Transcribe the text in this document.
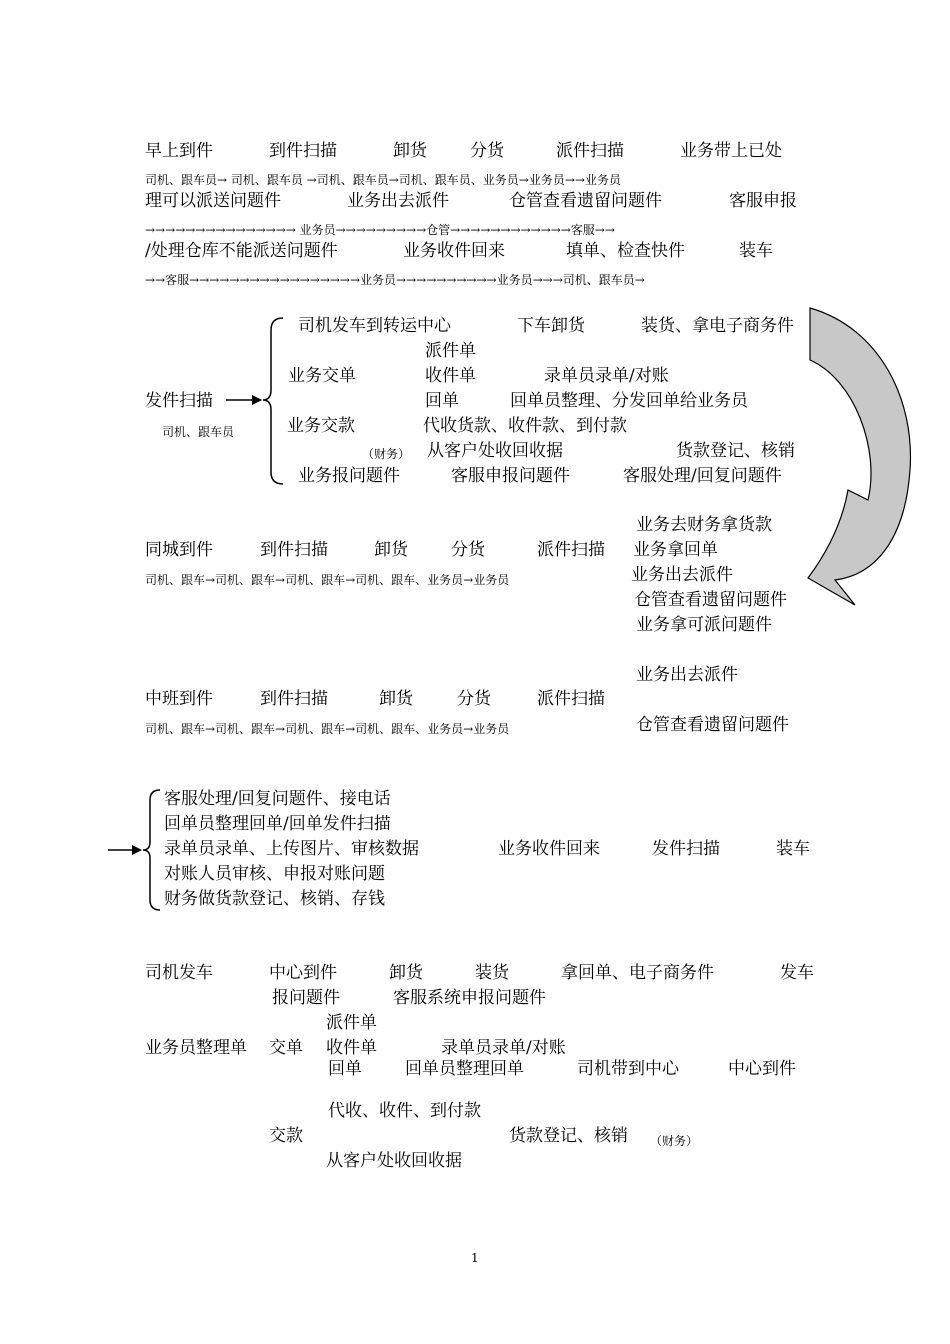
早上到件	到件扫描	卸货	分货	派件扫描	业务带上已处
司机、跟车员→ 司机、跟车员 →司机、跟车员→司机、跟车员、业务员→业务员→→业务员
理可以派送问题件	业务出去派件	仓管查看遗留问题件	客服申报
→→→→→→→→→→→→→→→ 业务员→→→→→→→→→仓管→→→→→→→→→→→→客服→→
/处理仓库不能派送问题件	业务收件回来	填单、检查快件	装车
→→客服→→→→→→→→→→→→→→→→→业务员→→→→→→→→→→业务员→→→司机、跟车员→
发件扫描
司机、跟车员
司机发车到转运中心	下车卸货	装货、拿电子商务件
派件单
业务交单	收件单	录单员录单/对账
回单	回单员整理、分发回单给业务员
业务交款	代收货款、收件款、到付款
（财务） 从客户处收回收据	货款登记、核销
业务报问题件	客服申报问题件	客服处理/回复问题件
同城到件	到件扫描	卸货	分货	派件扫描
司机、跟车→司机、跟车→司机、跟车→司机、跟车、业务员→业务员
业务去财务拿货款
业务拿回单
业务出去派件
仓管查看遗留问题件
业务拿可派问题件
业务出去派件
中班到件	到件扫描	卸货	分货	派件扫描
司机、跟车→司机、跟车→司机、跟车→司机、跟车、业务员→业务员	仓管查看遗留问题件
客服处理/回复问题件、接电话
回单员整理回单/回单发件扫描
录单员录单、上传图片、审核数据	业务收件回来	发件扫描	装车
对账人员审核、申报对账问题
财务做货款登记、核销、存钱
司机发车	中心到件	卸货	装货	拿回单、电子商务件	发车
报问题件	客服系统申报问题件
派件单
业务员整理单 交单 收件单	录单员录单/对账
回单	回单员整理回单	司机带到中心	中心到件
代收、收件、到付款
交款	货款登记、核销 （财务）
从客户处收回收据
1
